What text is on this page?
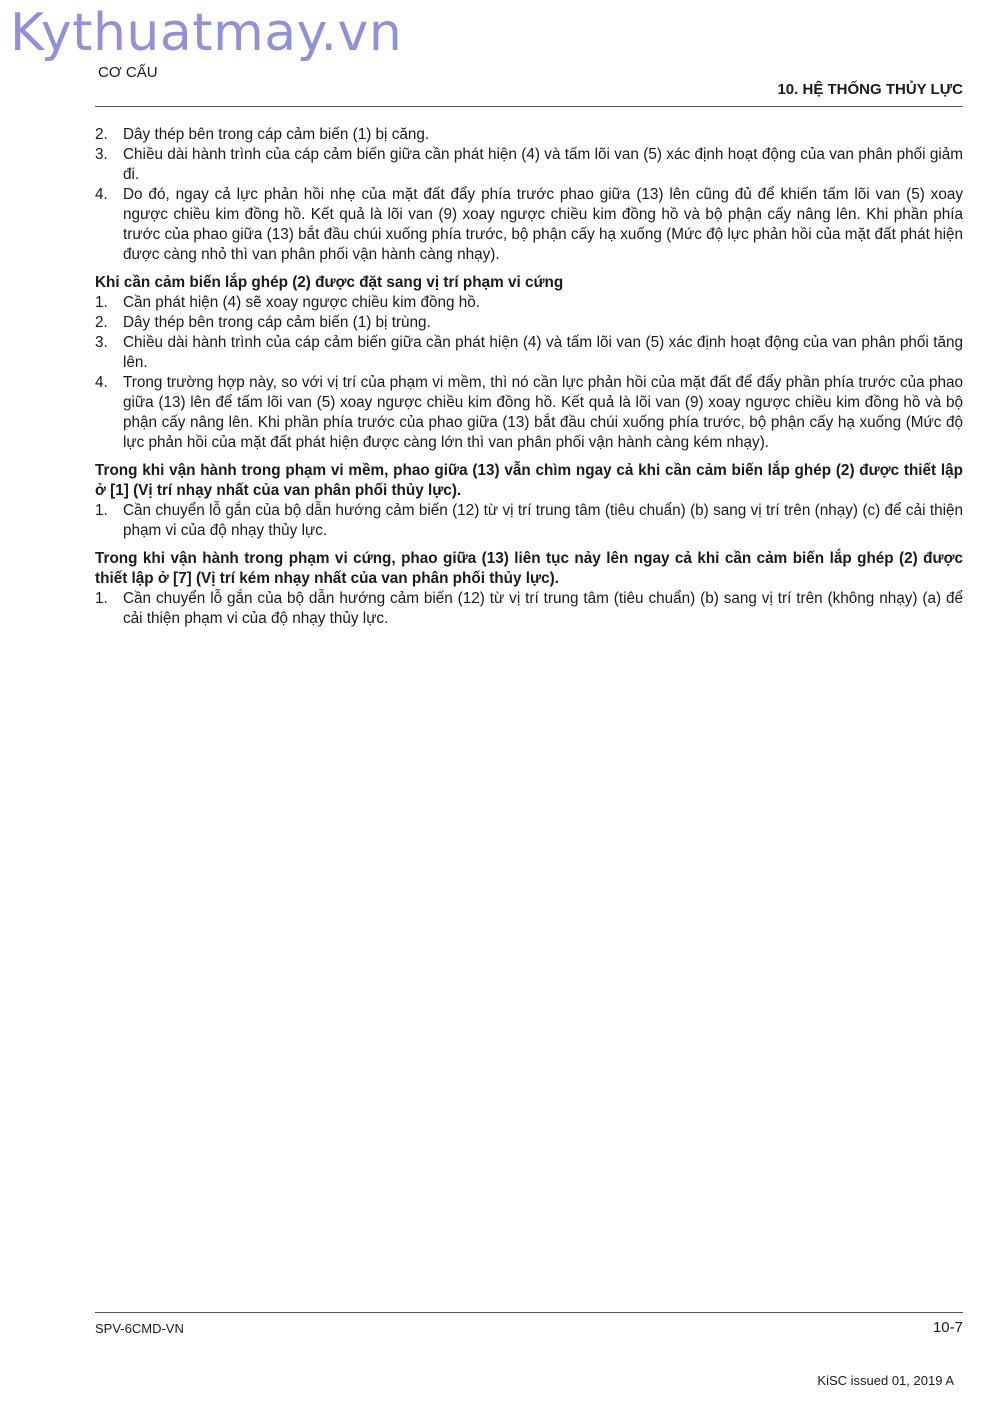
Kythuatmay.vn
CƠ CẤU
10. HỆ THỐNG THỦY LỰC
2. Dây thép bên trong cáp cảm biến (1) bị căng.
3. Chiều dài hành trình của cáp cảm biến giữa cần phát hiện (4) và tấm lõi van (5) xác định hoạt động của van phân phối giảm đi.
4. Do đó, ngay cả lực phản hồi nhẹ của mặt đất đẩy phía trước phao giữa (13) lên cũng đủ để khiến tấm lõi van (5) xoay ngược chiều kim đồng hồ. Kết quả là lõi van (9) xoay ngược chiều kim đồng hồ và bộ phận cấy nâng lên. Khi phần phía trước của phao giữa (13) bắt đầu chúi xuống phía trước, bộ phận cấy hạ xuống (Mức độ lực phản hồi của mặt đất phát hiện được càng nhỏ thì van phân phối vận hành càng nhạy).
Khi cần cảm biến lắp ghép (2) được đặt sang vị trí phạm vi cứng
1. Cần phát hiện (4) sẽ xoay ngược chiều kim đồng hồ.
2. Dây thép bên trong cáp cảm biến (1) bị trùng.
3. Chiều dài hành trình của cáp cảm biến giữa cần phát hiện (4) và tấm lõi van (5) xác định hoạt động của van phân phối tăng lên.
4. Trong trường hợp này, so với vị trí của phạm vi mềm, thì nó cần lực phản hồi của mặt đất để đẩy phần phía trước của phao giữa (13) lên để tấm lõi van (5) xoay ngược chiều kim đồng hồ. Kết quả là lõi van (9) xoay ngược chiều kim đồng hồ và bộ phận cấy nâng lên. Khi phần phía trước của phao giữa (13) bắt đầu chúi xuống phía trước, bộ phận cấy hạ xuống (Mức độ lực phản hồi của mặt đất phát hiện được càng lớn thì van phân phối vận hành càng kém nhạy).
Trong khi vận hành trong phạm vi mềm, phao giữa (13) vẫn chìm ngay cả khi cần cảm biến lắp ghép (2) được thiết lập ở [1] (Vị trí nhạy nhất của van phân phối thủy lực).
1. Cần chuyển lỗ gắn của bộ dẫn hướng cảm biến (12) từ vị trí trung tâm (tiêu chuẩn) (b) sang vị trí trên (nhạy) (c) để cải thiện phạm vi của độ nhạy thủy lực.
Trong khi vận hành trong phạm vi cứng, phao giữa (13) liên tục nảy lên ngay cả khi cần cảm biến lắp ghép (2) được thiết lập ở [7] (Vị trí kém nhạy nhất của van phân phối thủy lực).
1. Cần chuyển lỗ gắn của bộ dẫn hướng cảm biến (12) từ vị trí trung tâm (tiêu chuẩn) (b) sang vị trí trên (không nhạy) (a) để cải thiện phạm vi của độ nhạy thủy lực.
SPV-6CMD-VN	10-7
KiSC issued 01, 2019 A
